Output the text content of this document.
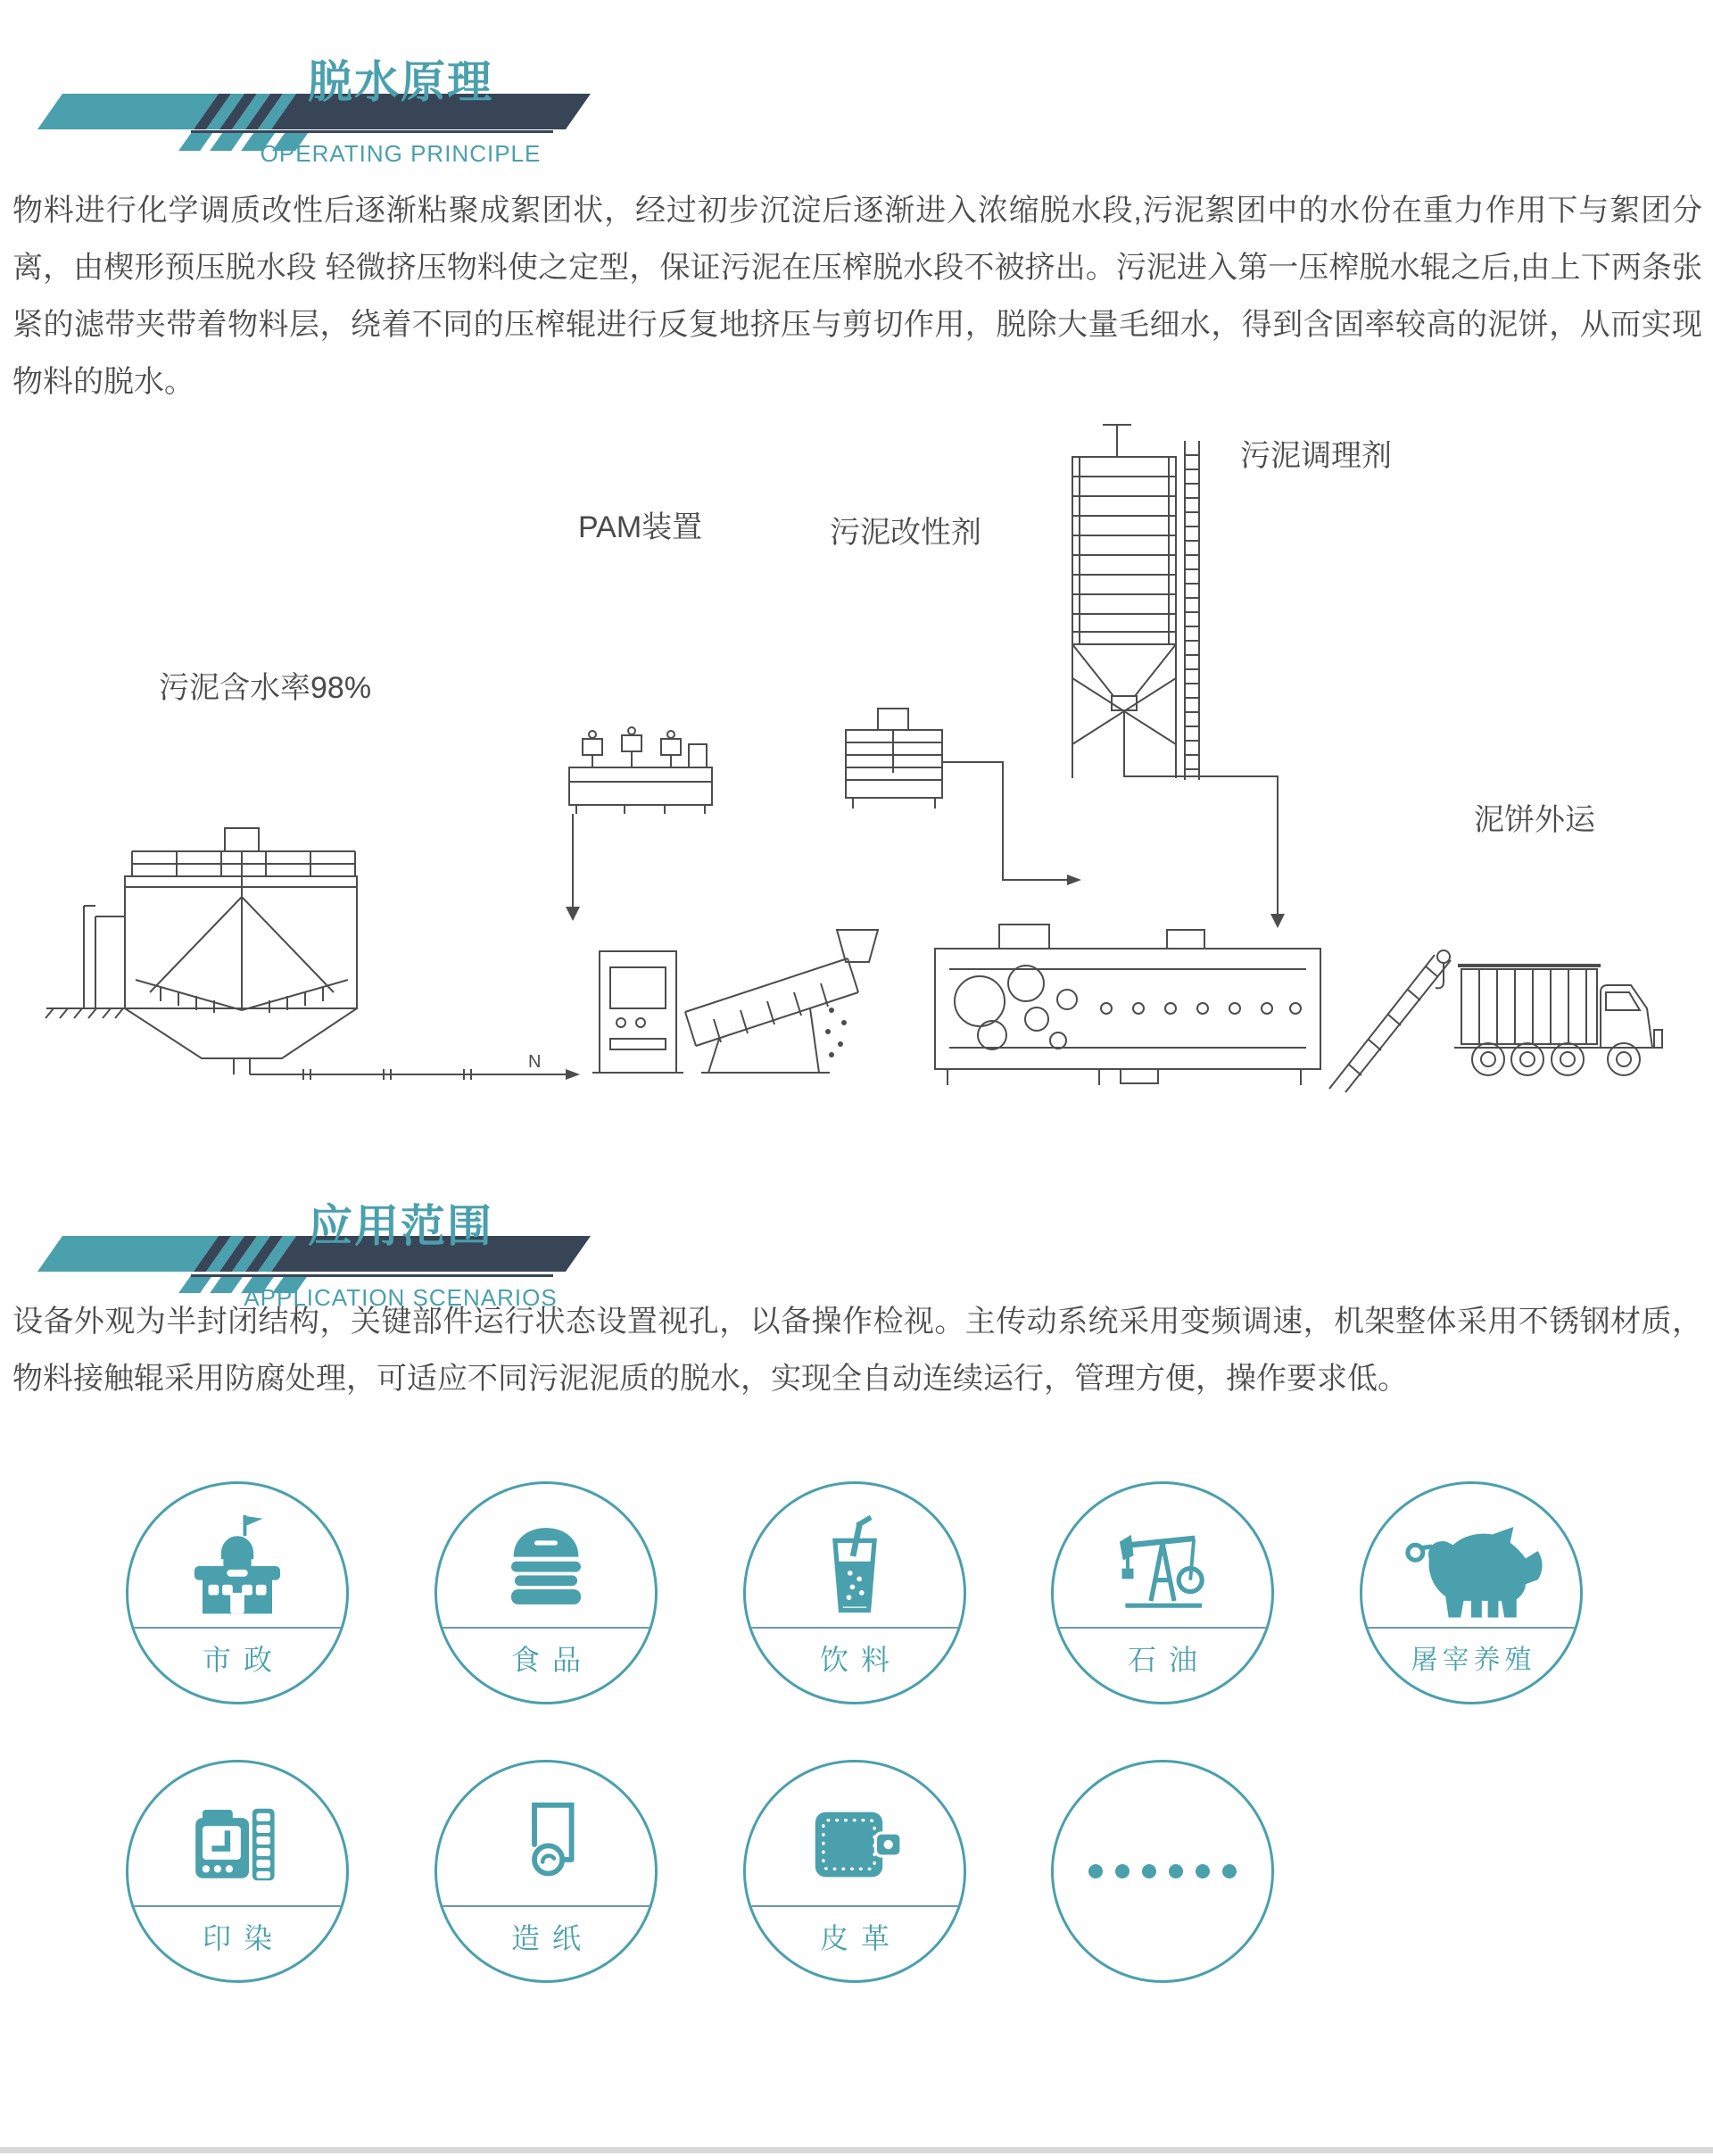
脱水原理
OPERATING PRINCIPLE
物料进行化学调质改性后逐渐粘聚成絮团状，经过初步沉淀后逐渐进入浓缩脱水段,污泥絮团中的水份在重力作用下与絮团分离，由楔形预压脱水段 轻微挤压物料使之定型，保证污泥在压榨脱水段不被挤出。污泥进入第一压榨脱水辊之后,由上下两条张紧的滤带夹带着物料层，绕着不同的压榨辊进行反复地挤压与剪切作用，脱除大量毛细水，得到含固率较高的泥饼，从而实现物料的脱水。
污泥含水率98%
PAM装置	污泥改性剂
污泥调理剂
泥饼外运
N
应用范围
APPLICATION SCENARIOS
设备外观为半封闭结构，关键部件运行状态设置视孔，以备操作检视。主传动系统采用变频调速，机架整体采用不锈钢材质，物料接触辊采用防腐处理，可适应不同污泥泥质的脱水，实现全自动连续运行，管理方便，操作要求低。
市政	食品	饮料	石油	屠宰养殖
印染	造纸	皮革
